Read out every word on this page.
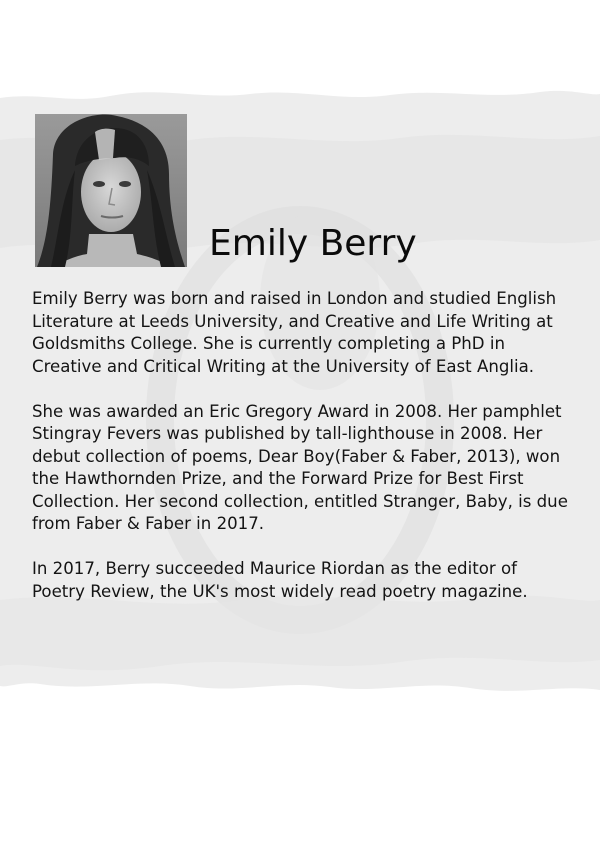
Emily Berry

Emily Berry was born and raised in London and studied English Literature at Leeds University, and Creative and Life Writing at Goldsmiths College. She is currently completing a PhD in Creative and Critical Writing at the University of East Anglia.

She was awarded an Eric Gregory Award in 2008. Her pamphlet Stingray Fevers was published by tall-lighthouse in 2008. Her debut collection of poems, Dear Boy(Faber & Faber, 2013), won the Hawthornden Prize, and the Forward Prize for Best First Collection. Her second collection, entitled Stranger, Baby, is due from Faber & Faber in 2017.

In 2017, Berry succeeded Maurice Riordan as the editor of Poetry Review, the UK's most widely read poetry magazine.
